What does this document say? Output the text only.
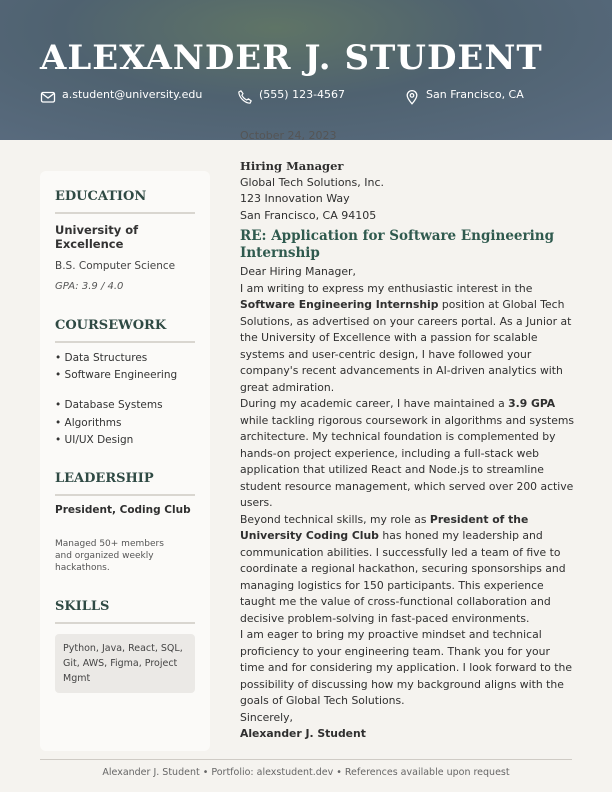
ALEXANDER J. STUDENT
a.student@university.edu	(555) 123-4567	San Francisco, CA
EDUCATION
University of Excellence
B.S. Computer Science
GPA: 3.9 / 4.0
COURSEWORK
• Data Structures
• Software Engineering
• Database Systems
• Algorithms
• UI/UX Design
LEADERSHIP
President, Coding Club
Managed 50+ members and organized weekly hackathons.
SKILLS
Python, Java, React, SQL, Git, AWS, Figma, Project Mgmt
October 24, 2023
Hiring Manager
Global Tech Solutions, Inc.
123 Innovation Way
San Francisco, CA 94105
RE: Application for Software Engineering Internship

Dear Hiring Manager,

I am writing to express my enthusiastic interest in the Software Engineering Internship position at Global Tech Solutions, as advertised on your careers portal. As a Junior at the University of Excellence with a passion for scalable systems and user-centric design, I have followed your company's recent advancements in AI-driven analytics with great admiration.

During my academic career, I have maintained a 3.9 GPA while tackling rigorous coursework in algorithms and systems architecture. My technical foundation is complemented by hands-on project experience, including a full-stack web application that utilized React and Node.js to streamline student resource management, which served over 200 active users.

Beyond technical skills, my role as President of the University Coding Club has honed my leadership and communication abilities. I successfully led a team of five to coordinate a regional hackathon, securing sponsorships and managing logistics for 150 participants. This experience taught me the value of cross-functional collaboration and decisive problem-solving in fast-paced environments.

I am eager to bring my proactive mindset and technical proficiency to your engineering team. Thank you for your time and for considering my application. I look forward to the possibility of discussing how my background aligns with the goals of Global Tech Solutions.

Sincerely,

Alexander J. Student

Alexander J. Student • Portfolio: alexstudent.dev • References available upon request
